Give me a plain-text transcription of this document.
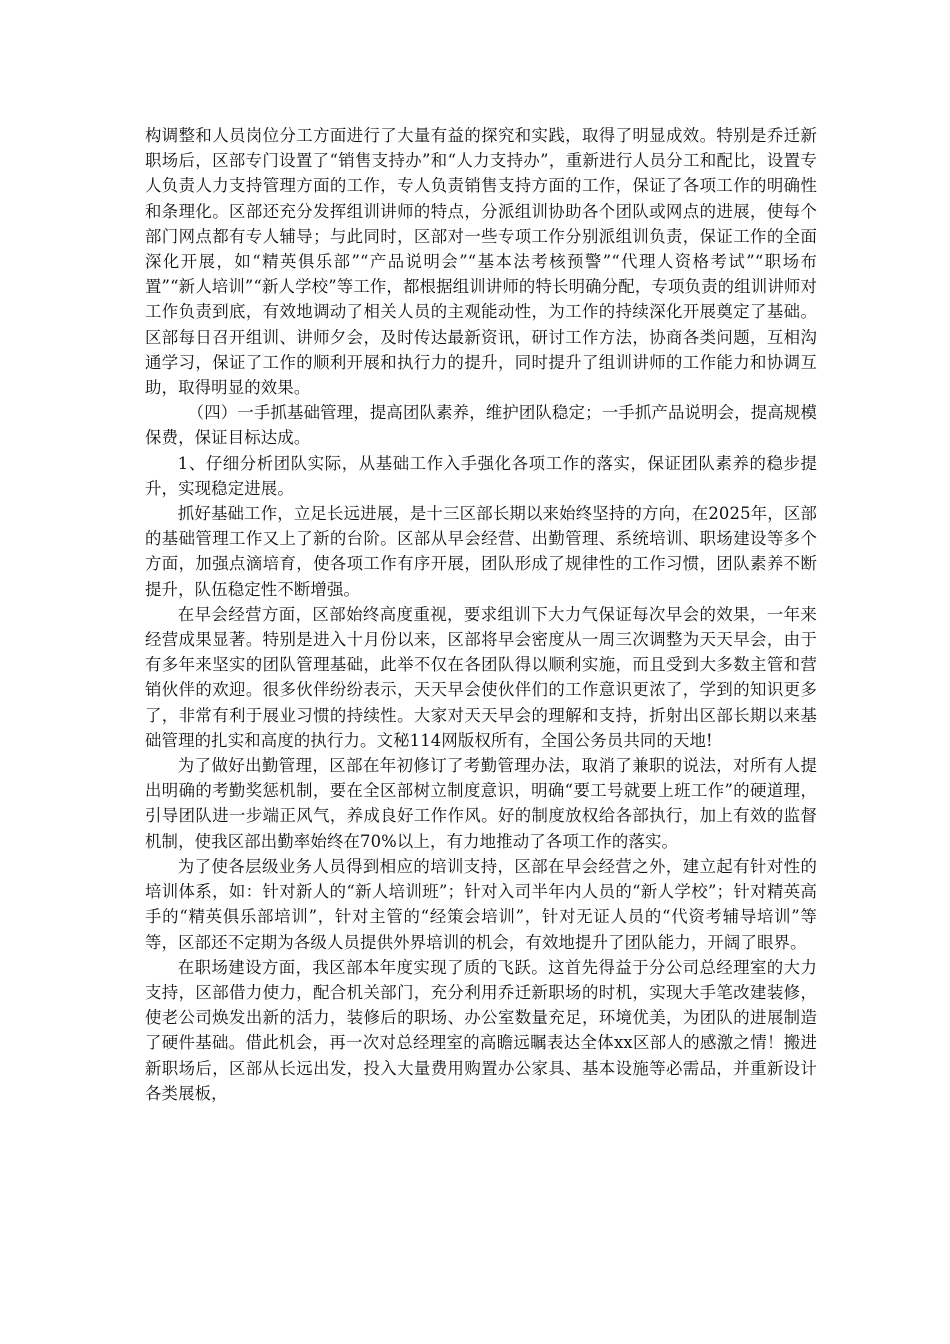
构调整和人员岗位分工方面进行了大量有益的探究和实践，取得了明显成效。特别是乔迁新职场后，区部专门设置了“销售支持办”和“人力支持办”，重新进行人员分工和配比，设置专人负责人力支持管理方面的工作，专人负责销售支持方面的工作，保证了各项工作的明确性和条理化。区部还充分发挥组训讲师的特点，分派组训协助各个团队或网点的进展，使每个部门网点都有专人辅导；与此同时，区部对一些专项工作分别派组训负责，保证工作的全面深化开展，如“精英俱乐部”“产品说明会”“基本法考核预警”“代理人资格考试”“职场布置”“新人培训”“新人学校”等工作，都根据组训讲师的特长明确分配，专项负责的组训讲师对工作负责到底，有效地调动了相关人员的主观能动性，为工作的持续深化开展奠定了基础。区部每日召开组训、讲师夕会，及时传达最新资讯，研讨工作方法，协商各类问题，互相沟通学习，保证了工作的顺利开展和执行力的提升，同时提升了组训讲师的工作能力和协调互助，取得明显的效果。

（四）一手抓基础管理，提高团队素养，维护团队稳定；一手抓产品说明会，提高规模保费，保证目标达成。

1、仔细分析团队实际，从基础工作入手强化各项工作的落实，保证团队素养的稳步提升，实现稳定进展。

抓好基础工作，立足长远进展，是十三区部长期以来始终坚持的方向，在2025年，区部的基础管理工作又上了新的台阶。区部从早会经营、出勤管理、系统培训、职场建设等多个方面，加强点滴培育，使各项工作有序开展，团队形成了规律性的工作习惯，团队素养不断提升，队伍稳定性不断增强。

在早会经营方面，区部始终高度重视，要求组训下大力气保证每次早会的效果，一年来经营成果显著。特别是进入十月份以来，区部将早会密度从一周三次调整为天天早会，由于有多年来坚实的团队管理基础，此举不仅在各团队得以顺利实施，而且受到大多数主管和营销伙伴的欢迎。很多伙伴纷纷表示，天天早会使伙伴们的工作意识更浓了，学到的知识更多了，非常有利于展业习惯的持续性。大家对天天早会的理解和支持，折射出区部长期以来基础管理的扎实和高度的执行力。文秘114网版权所有，全国公务员共同的天地!

为了做好出勤管理，区部在年初修订了考勤管理办法，取消了兼职的说法，对所有人提出明确的考勤奖惩机制，要在全区部树立制度意识，明确“要工号就要上班工作”的硬道理，引导团队进一步端正风气，养成良好工作作风。好的制度放权给各部执行，加上有效的监督机制，使我区部出勤率始终在70%以上，有力地推动了各项工作的落实。

为了使各层级业务人员得到相应的培训支持，区部在早会经营之外，建立起有针对性的培训体系，如：针对新人的“新人培训班”；针对入司半年内人员的“新人学校”；针对精英高手的“精英俱乐部培训”，针对主管的“经策会培训”，针对无证人员的“代资考辅导培训”等等，区部还不定期为各级人员提供外界培训的机会，有效地提升了团队能力，开阔了眼界。

在职场建设方面，我区部本年度实现了质的飞跃。这首先得益于分公司总经理室的大力支持，区部借力使力，配合机关部门，充分利用乔迁新职场的时机，实现大手笔改建装修，使老公司焕发出新的活力，装修后的职场、办公室数量充足，环境优美，为团队的进展制造了硬件基础。借此机会，再一次对总经理室的高瞻远瞩表达全体xx区部人的感激之情！搬进新职场后，区部从长远出发，投入大量费用购置办公家具、基本设施等必需品，并重新设计各类展板，
